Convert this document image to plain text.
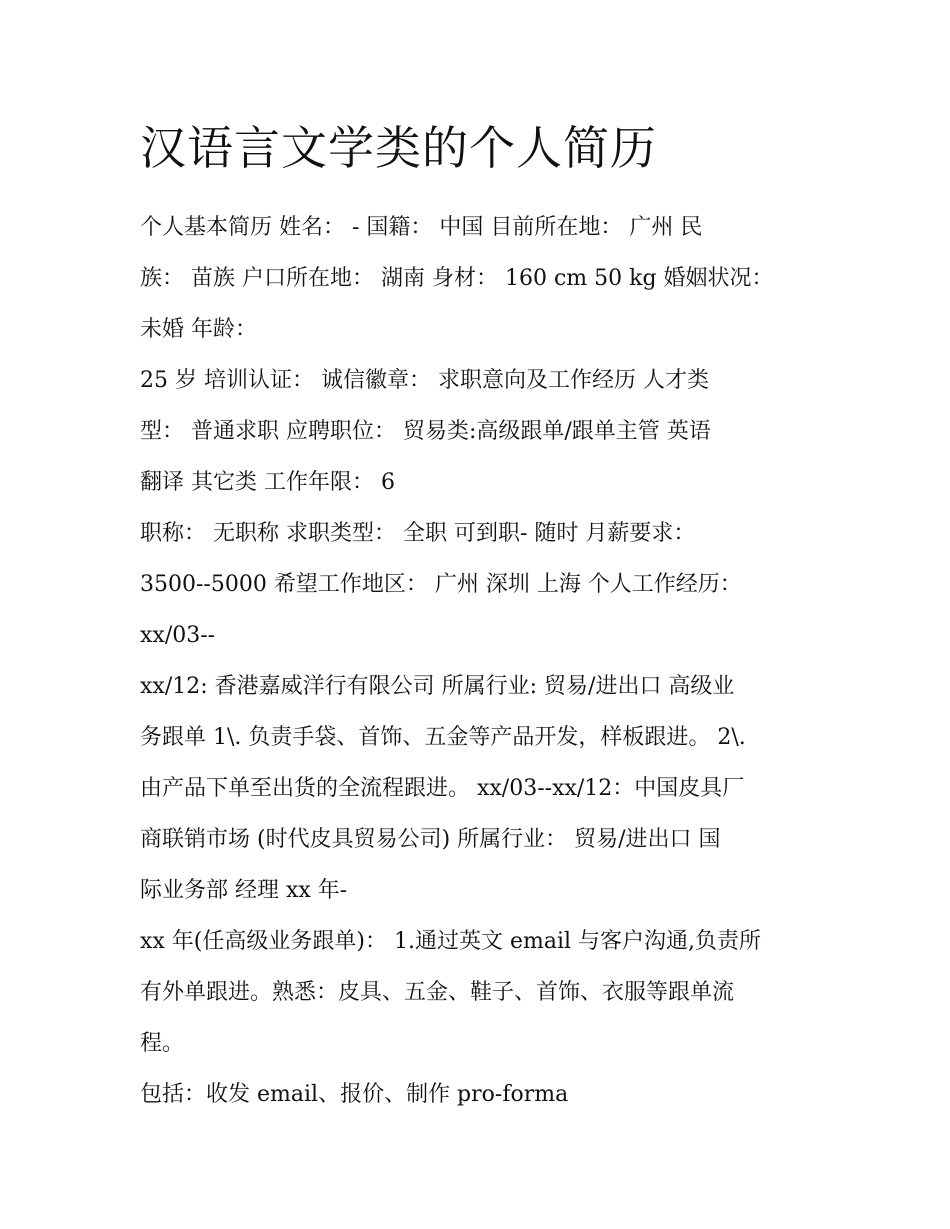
汉语言文学类的个人简历
个人基本简历 姓名： - 国籍： 中国 目前所在地： 广州 民
族： 苗族 户口所在地： 湖南 身材： 160 cm 50 kg 婚姻状况：
未婚 年龄：
25 岁 培训认证： 诚信徽章： 求职意向及工作经历 人才类
型： 普通求职 应聘职位： 贸易类:高级跟单/跟单主管 英语
翻译 其它类 工作年限： 6
职称： 无职称 求职类型： 全职 可到职- 随时 月薪要求：
3500--5000 希望工作地区： 广州 深圳 上海 个人工作经历：
xx/03--
xx/12: 香港嘉威洋行有限公司 所属行业: 贸易/进出口 高级业
务跟单 1\. 负责手袋、首饰、五金等产品开发，样板跟进。 2\.
由产品下单至出货的全流程跟进。 xx/03--xx/12：中国皮具厂
商联销市场 (时代皮具贸易公司) 所属行业： 贸易/进出口 国
际业务部 经理 xx 年-
xx 年(任高级业务跟单)： 1.通过英文 email 与客户沟通,负责所
有外单跟进。熟悉：皮具、五金、鞋子、首饰、衣服等跟单流
程。
包括：收发 email、报价、制作 pro-forma
